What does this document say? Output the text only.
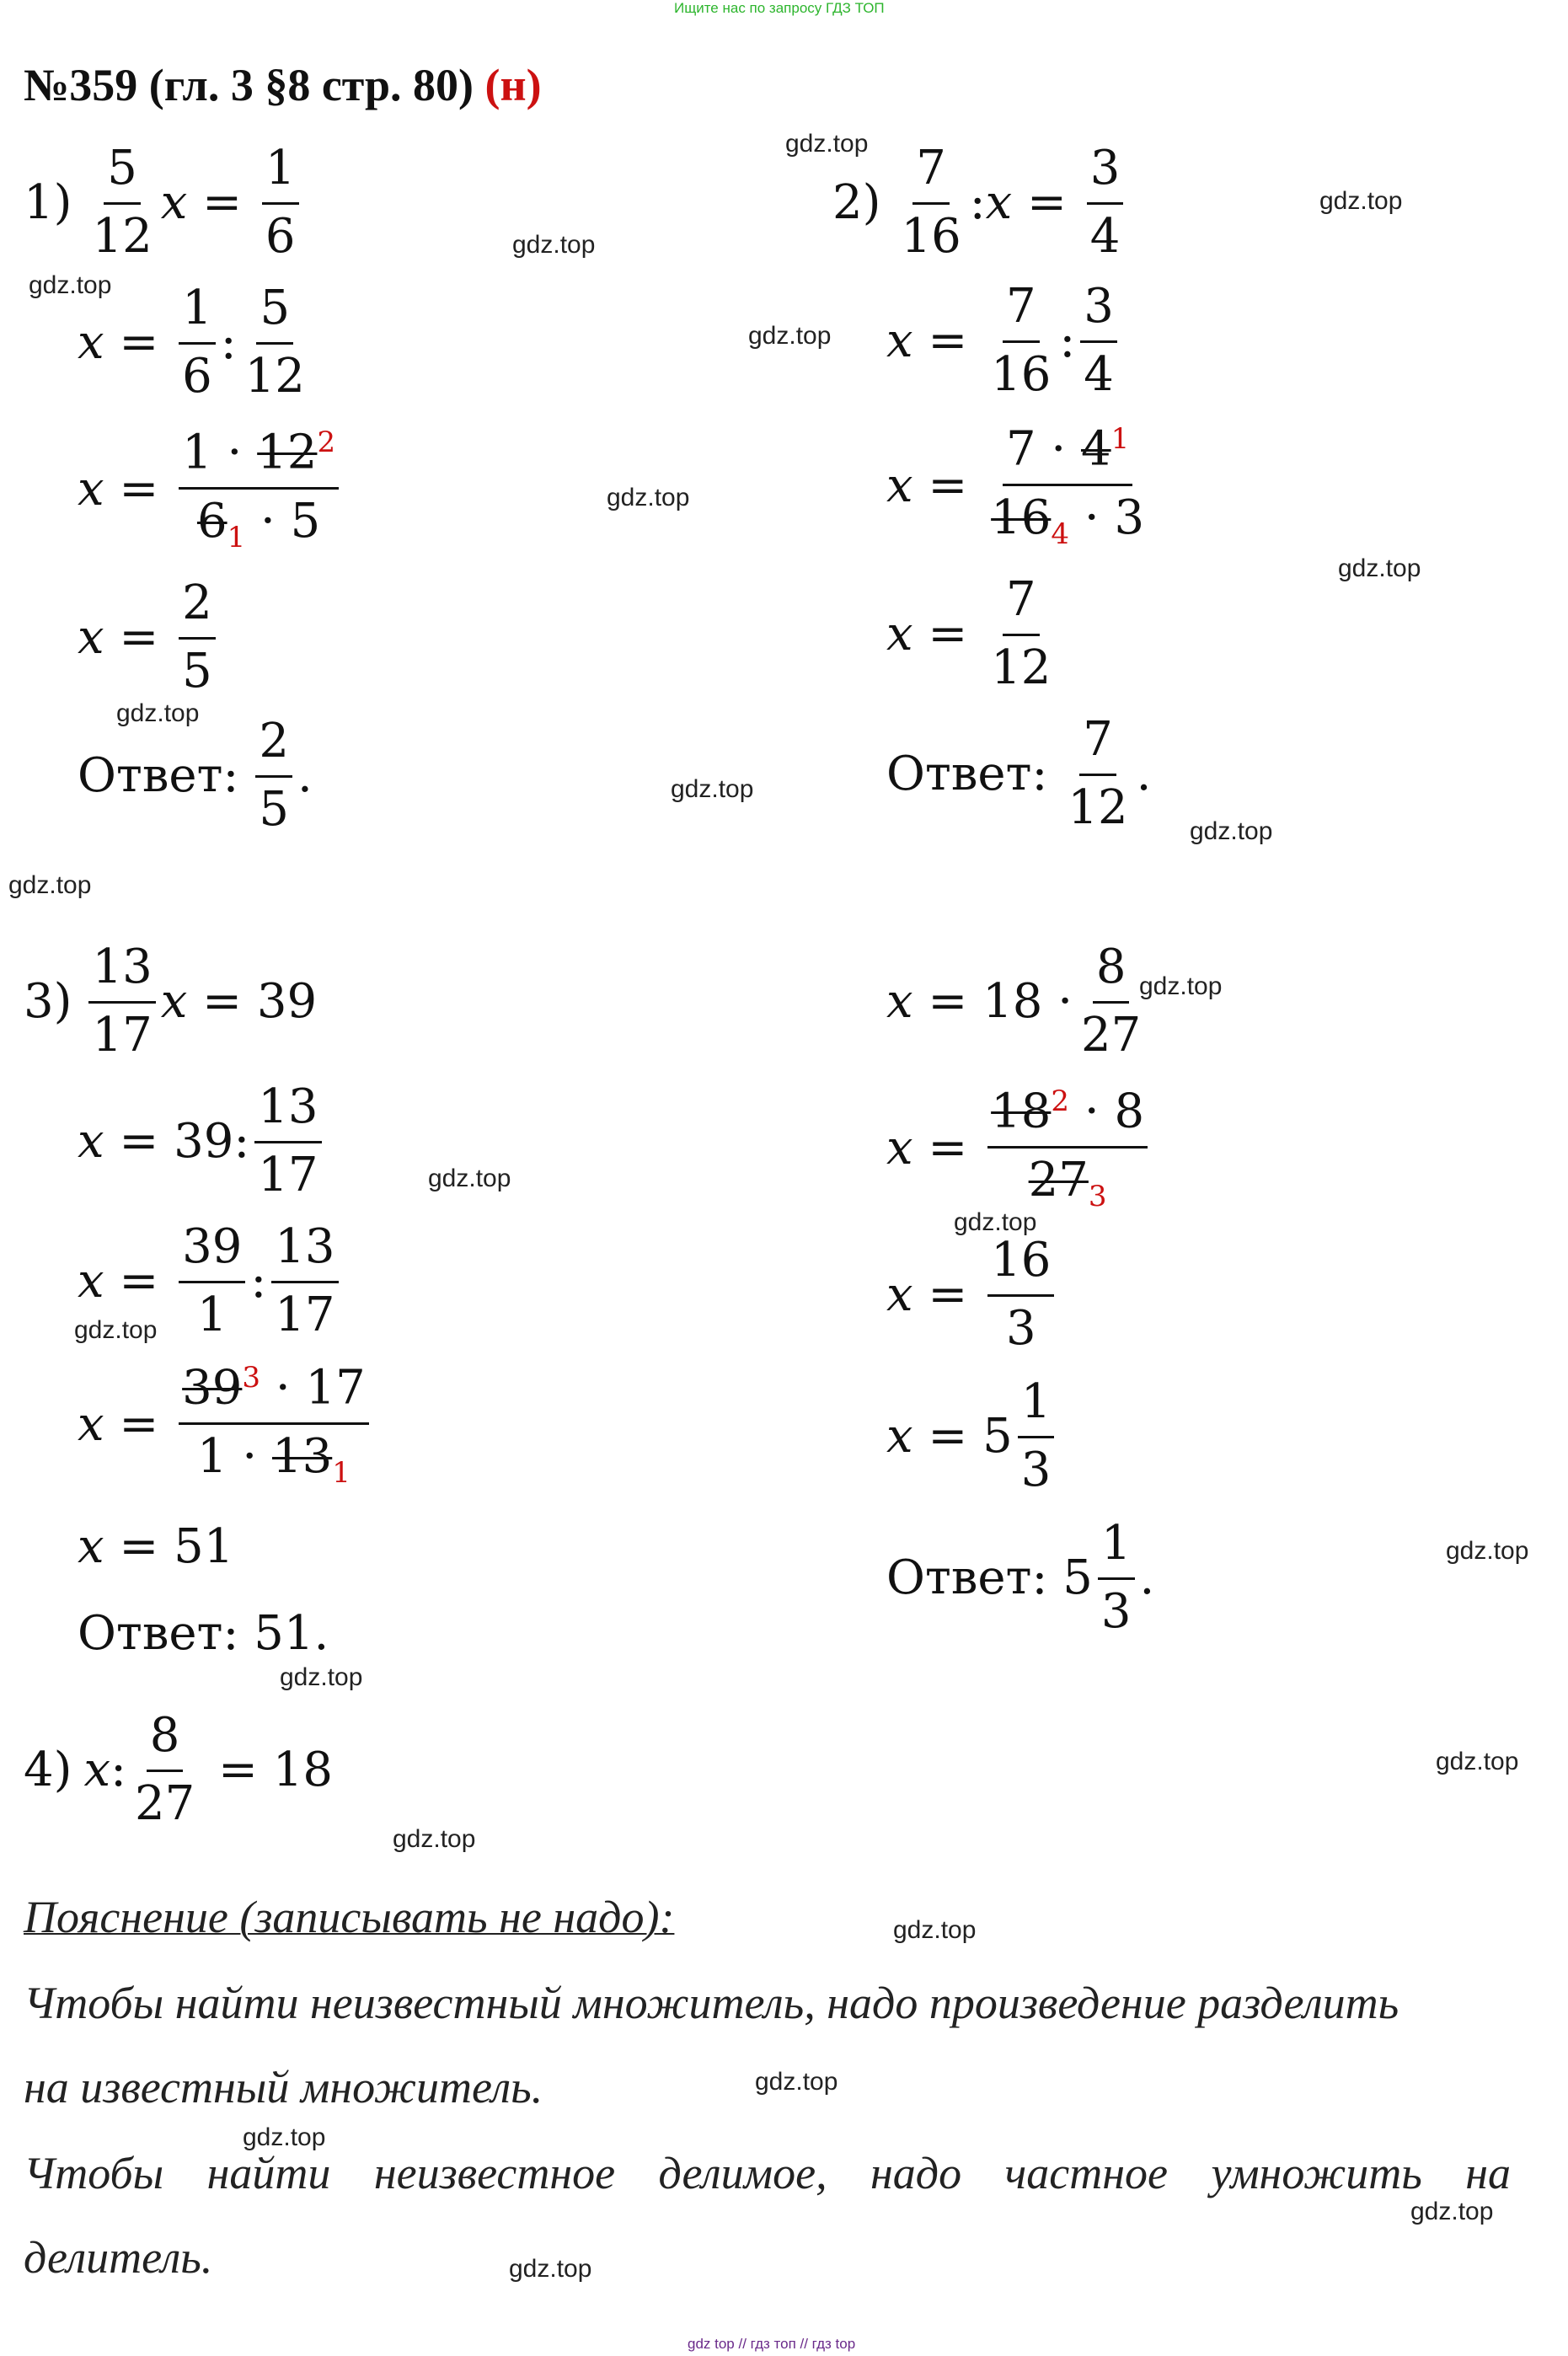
Ищите нас по запросу ГДЗ ТОП
№359 (гл. 3 §8 стр. 80) (н)
$1) \frac{5}{12}$ $x = \frac{1}{6}$
$x = \frac{1}{6}$ : $\frac{5}{12}$
$x = \frac{1 \cdot 12^2}{6_1 \cdot 5}$
$x = \frac{2}{5}$
Ответ: $\frac{2}{5}$ .
$2) \frac{7}{16}$ : $x = \frac{3}{4}$
$x = \frac{7}{16}$ : $\frac{3}{4}$
$x = \frac{7 \cdot 4^1}{16_4 \cdot 3}$
$x = \frac{7}{12}$
Ответ: $\frac{7}{12}$ .
$3) \frac{13}{17}$ x = 39
x = 39 : $\frac{13}{17}$
$x = \frac{39}{1}$ : $\frac{13}{17}$
$x = \frac{39^3 \cdot 17}{1 \cdot 13_1}$
x = 51
Ответ: 51.
4) x : $\frac{8}{27} = 18$
$x = 18 \cdot \frac{8}{27}$
$x = \frac{18^2 \cdot 8}{27_3}$
$x = \frac{16}{3}$
$x = 5 \frac{1}{3}$
Ответ:
$5 \frac{1}{3}$ .
Пояснение (записывать не надо):
Чтобы найти неизвестный множитель, надо произведение разделить
на известный множитель.
Чтобы найти неизвестное делимое, надо частное умножить на
делитель.
gdz.top
gdz.top
gdz.top
gdz.top
gdz.top
gdz.top
gdz.top
gdz.top
gdz.top
gdz.top
gdz.top
gdz.top
gdz.top
gdz.top
gdz.top
gdz.top
gdz.top
gdz.top
gdz.top
gdz.top
gdz.top
gdz.top
gdz.top
gdz.top
gdz top // гдз топ // гдз top
